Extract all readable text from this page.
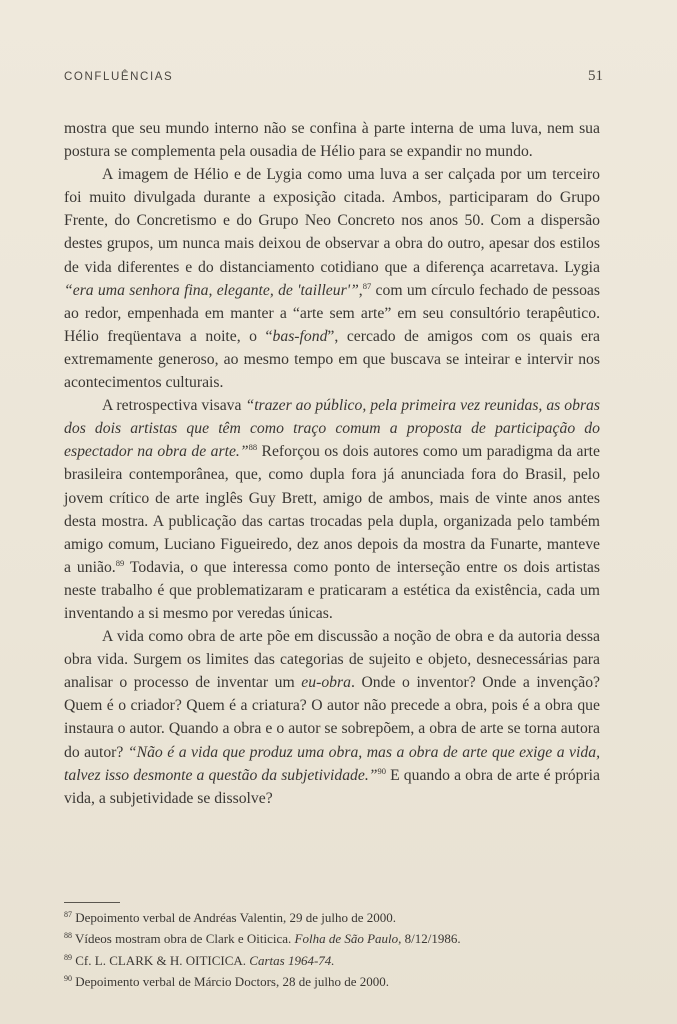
CONFLUÊNCIAS	51

mostra que seu mundo interno não se confina à parte interna de uma luva, nem sua postura se complementa pela ousadia de Hélio para se expandir no mundo.

A imagem de Hélio e de Lygia como uma luva a ser calçada por um terceiro foi muito divulgada durante a exposição citada. Ambos, participaram do Grupo Frente, do Concretismo e do Grupo Neo Concreto nos anos 50. Com a dispersão destes grupos, um nunca mais deixou de observar a obra do outro, apesar dos estilos de vida diferentes e do distanciamento cotidiano que a diferença acarretava. Lygia “era uma senhora fina, elegante, de 'tailleur'”,$^{87}$ com um círculo fechado de pessoas ao redor, empenhada em manter a “arte sem arte” em seu consultório terapêutico. Hélio freqüentava a noite, o “bas-fond”, cercado de amigos com os quais era extremamente generoso, ao mesmo tempo em que buscava se inteirar e intervir nos acontecimentos culturais.

A retrospectiva visava “trazer ao público, pela primeira vez reunidas, as obras dos dois artistas que têm como traço comum a proposta de participação do espectador na obra de arte.”$^{88}$ Reforçou os dois autores como um paradigma da arte brasileira contemporânea, que, como dupla fora já anunciada fora do Brasil, pelo jovem crítico de arte inglês Guy Brett, amigo de ambos, mais de vinte anos antes desta mostra. A publicação das cartas trocadas pela dupla, organizada pelo também amigo comum, Luciano Figueiredo, dez anos depois da mostra da Funarte, manteve a união.$^{89}$ Todavia, o que interessa como ponto de interseção entre os dois artistas neste trabalho é que problematizaram e praticaram a estética da existência, cada um inventando a si mesmo por veredas únicas.

A vida como obra de arte põe em discussão a noção de obra e da autoria dessa obra vida. Surgem os limites das categorias de sujeito e objeto, desnecessárias para analisar o processo de inventar um eu-obra. Onde o inventor? Onde a invenção? Quem é o criador? Quem é a criatura? O autor não precede a obra, pois é a obra que instaura o autor. Quando a obra e o autor se sobrepõem, a obra de arte se torna autora do autor? “Não é a vida que produz uma obra, mas a obra de arte que exige a vida, talvez isso desmonte a questão da subjetividade.”$^{90}$ E quando a obra de arte é própria vida, a subjetividade se dissolve?

$^{87}$ Depoimento verbal de Andréas Valentin, 29 de julho de 2000.

$^{88}$ Vídeos mostram obra de Clark e Oiticica. Folha de São Paulo, 8/12/1986.

$^{89}$ Cf. L. CLARK & H. OITICICA. Cartas 1964-74.

$^{90}$ Depoimento verbal de Márcio Doctors, 28 de julho de 2000.
